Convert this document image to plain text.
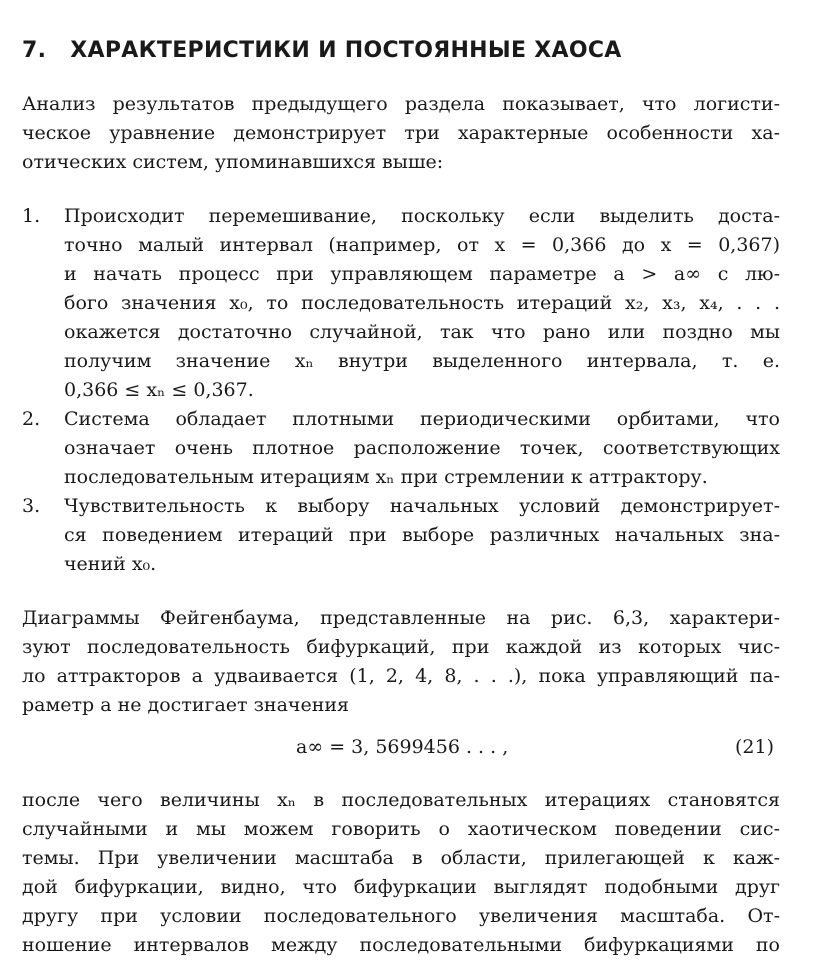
7. ХАРАКТЕРИСТИКИ И ПОСТОЯННЫЕ ХАОСА
Анализ результатов предыдущего раздела показывает, что логисти-
ческое уравнение демонстрирует три характерные особенности ха-
отических систем, упоминавшихся выше:
1. Происходит перемешивание, поскольку если выделить доста-
точно малый интервал (например, от x = 0,366 до x = 0,367)
и начать процесс при управляющем параметре a > a∞ с лю-
бого значения x₀, то последовательность итераций x₂, x₃, x₄, . . .
окажется достаточно случайной, так что рано или поздно мы
получим значение xₙ внутри выделенного интервала, т. е.
0,366 ≤ xₙ ≤ 0,367.
2. Система обладает плотными периодическими орбитами, что
означает очень плотное расположение точек, соответствующих
последовательным итерациям xₙ при стремлении к аттрактору.
3. Чувствительность к выбору начальных условий демонстрирует-
ся поведением итераций при выборе различных начальных зна-
чений x₀.
Диаграммы Фейгенбаума, представленные на рис. 6,3, характери-
зуют последовательность бифуркаций, при каждой из которых чис-
ло аттракторов a удваивается (1, 2, 4, 8, . . .), пока управляющий па-
раметр a не достигает значения
a∞ = 3, 5699456 . . . ,	(21)
после чего величины xₙ в последовательных итерациях становятся
случайными и мы можем говорить о хаотическом поведении сис-
темы. При увеличении масштаба в области, прилегающей к каж-
дой бифуркации, видно, что бифуркации выглядят подобными друг
другу при условии последовательного увеличения масштаба. От-
ношение интервалов между последовательными бифуркациями по
